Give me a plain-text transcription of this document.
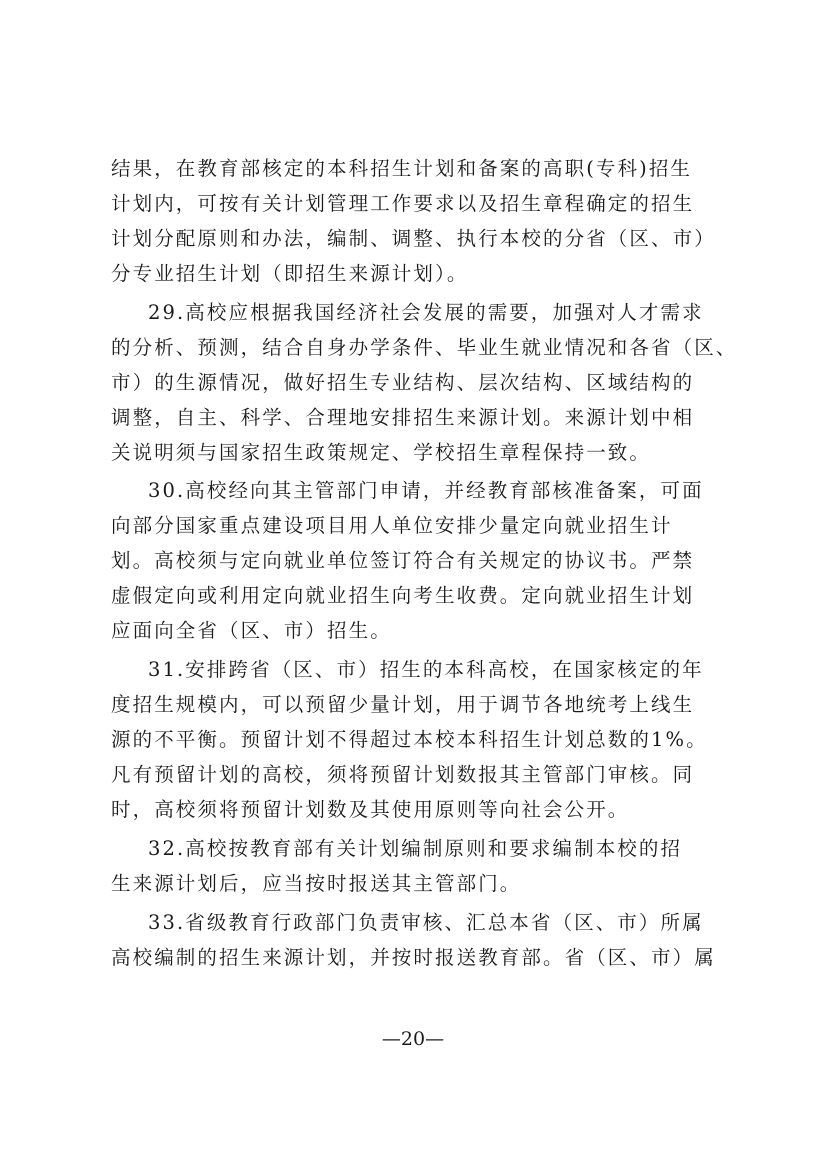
结果，在教育部核定的本科招生计划和备案的高职(专科)招生
计划内，可按有关计划管理工作要求以及招生章程确定的招生
计划分配原则和办法，编制、调整、执行本校的分省（区、市）
分专业招生计划（即招生来源计划）。
29.高校应根据我国经济社会发展的需要，加强对人才需求
的分析、预测，结合自身办学条件、毕业生就业情况和各省（区、
市）的生源情况，做好招生专业结构、层次结构、区域结构的
调整，自主、科学、合理地安排招生来源计划。来源计划中相
关说明须与国家招生政策规定、学校招生章程保持一致。
30.高校经向其主管部门申请，并经教育部核准备案，可面
向部分国家重点建设项目用人单位安排少量定向就业招生计
划。高校须与定向就业单位签订符合有关规定的协议书。严禁
虚假定向或利用定向就业招生向考生收费。定向就业招生计划
应面向全省（区、市）招生。
31.安排跨省（区、市）招生的本科高校，在国家核定的年
度招生规模内，可以预留少量计划，用于调节各地统考上线生
源的不平衡。预留计划不得超过本校本科招生计划总数的1%。
凡有预留计划的高校，须将预留计划数报其主管部门审核。同
时，高校须将预留计划数及其使用原则等向社会公开。
32.高校按教育部有关计划编制原则和要求编制本校的招
生来源计划后，应当按时报送其主管部门。
33.省级教育行政部门负责审核、汇总本省（区、市）所属
高校编制的招生来源计划，并按时报送教育部。省（区、市）属
—20—
